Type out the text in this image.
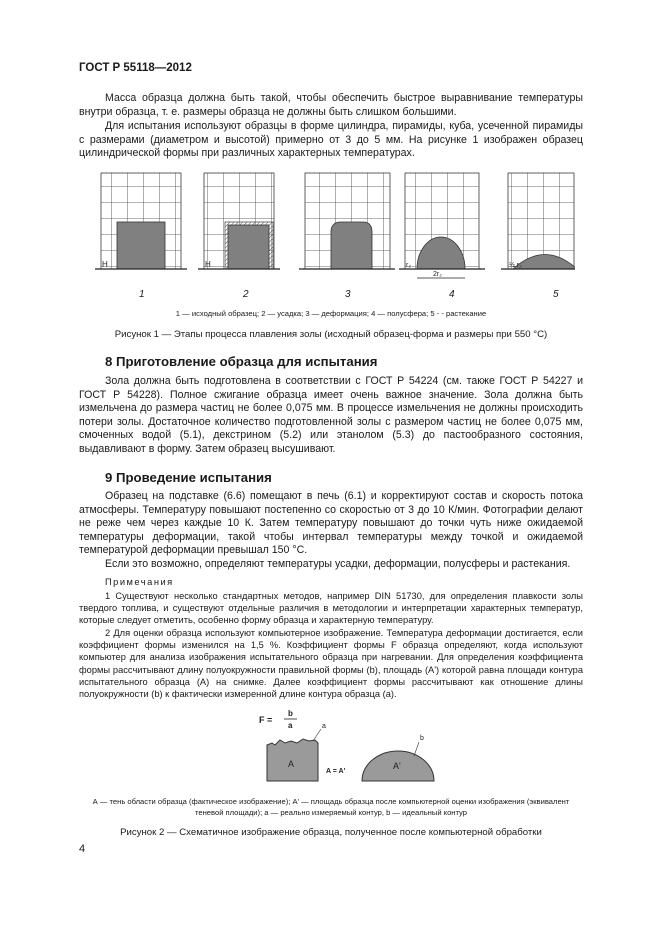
ГОСТ Р 55118—2012

Масса образца должна быть такой, чтобы обеспечить быстрое выравнивание температуры внутри образца, т. е. размеры образца не должны быть слишком большими.

Для испытания используют образцы в форме цилиндра, пирамиды, куба, усеченной пирамиды с размерами (диаметром и высотой) примерно от 3 до 5 мм. На рисунке 1 изображен образец цилиндрической формы при различных характерных температурах.

H	H	r₂
2r₂
½ r₂
1	2	3	4	5
1 — исходный образец; 2 — усадка; 3 — деформация; 4 — полусфера; 5 - - растекание
Рисунок 1 — Этапы процесса плавления золы (исходный образец-форма и размеры при 550 °С)
8 Приготовление образца для испытания

Зола должна быть подготовлена в соответствии с ГОСТ Р 54224 (см. также ГОСТ Р 54227 и ГОСТ Р 54228). Полное сжигание образца имеет очень важное значение. Зола должна быть измельчена до размера частиц не более 0,075 мм. В процессе измельчения не должны происходить потери золы. Достаточное количество подготовленной золы с размером частиц не более 0,075 мм, смоченных водой (5.1), декстрином (5.2) или этанолом (5.3) до пастообразного состояния, выдавливают в форму. Затем образец высушивают.

9 Проведение испытания

Образец на подставке (6.6) помещают в печь (6.1) и корректируют состав и скорость потока атмосферы. Температуру повышают постепенно со скоростью от 3 до 10 К/мин. Фотографии делают не реже чем через каждые 10 К. Затем температуру повышают до точки чуть ниже ожидаемой температуры деформации, такой чтобы интервал температуры между точкой и ожидаемой температурой деформации превышал 150 °С.

Если это возможно, определяют температуры усадки, деформации, полусферы и растекания.

Примечания

1 Существуют несколько стандартных методов, например DIN 51730, для определения плавкости золы твердого топлива, и существуют отдельные различия в методологии и интерпретации характерных температур, которые следует отметить, особенно форму образца и характерную температуру.

2 Для оценки образца используют компьютерное изображение. Температура деформации достигается, если коэффициент формы изменился на 1,5 %. Коэффициент формы F образца определяют, когда используют компьютер для анализа изображения испытательного образца при нагревании. Для определения коэффициента формы рассчитывают длину полуокружности правильной формы (b), площадь (A') которой равна площади контура испытательного образца (А) на снимке. Далее коэффициент формы рассчитывают как отношение длины полуокружности (b) к фактически измеренной длине контура образца (a).

F =
b
a
A
a
A = A'
A'
b
А — тень области образца (фактическое изображение); А' — площадь образца после компьютерной оценки изображения (эквивалент теневой площади); a — реально измеряемый контур, b — идеальный контур
Рисунок 2 — Схематичное изображение образца, полученное после компьютерной обработки
4
